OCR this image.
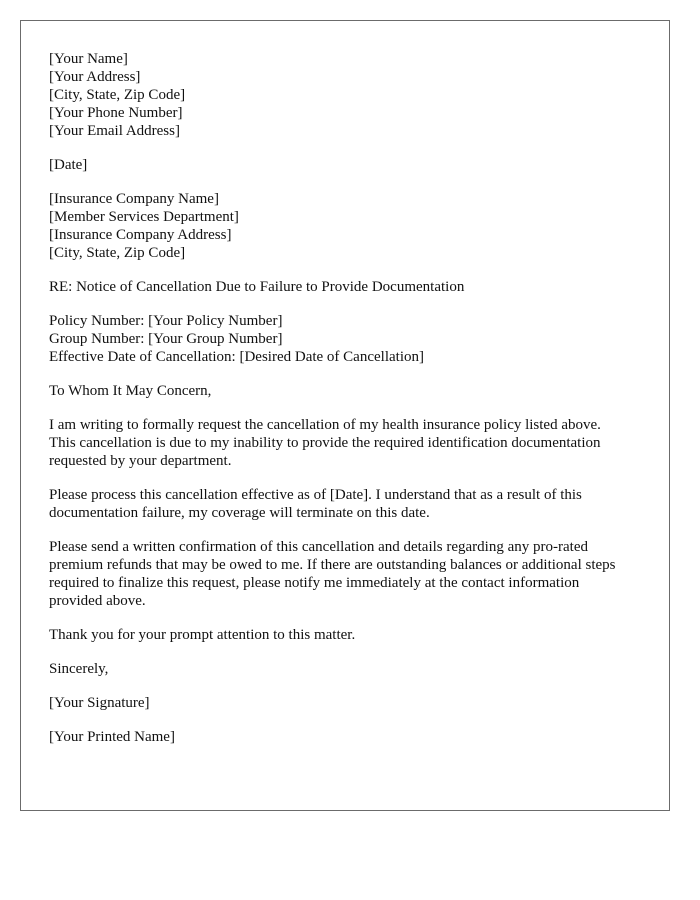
[Your Name]
[Your Address]
[City, State, Zip Code]
[Your Phone Number]
[Your Email Address]

[Date]

[Insurance Company Name]
[Member Services Department]
[Insurance Company Address]
[City, State, Zip Code]

RE: Notice of Cancellation Due to Failure to Provide Documentation

Policy Number: [Your Policy Number]
Group Number: [Your Group Number]
Effective Date of Cancellation: [Desired Date of Cancellation]

To Whom It May Concern,

I am writing to formally request the cancellation of my health insurance policy listed above. This cancellation is due to my inability to provide the required identification documentation requested by your department.

Please process this cancellation effective as of [Date]. I understand that as a result of this documentation failure, my coverage will terminate on this date.

Please send a written confirmation of this cancellation and details regarding any pro-rated premium refunds that may be owed to me. If there are outstanding balances or additional steps required to finalize this request, please notify me immediately at the contact information provided above.

Thank you for your prompt attention to this matter.

Sincerely,

[Your Signature]

[Your Printed Name]
